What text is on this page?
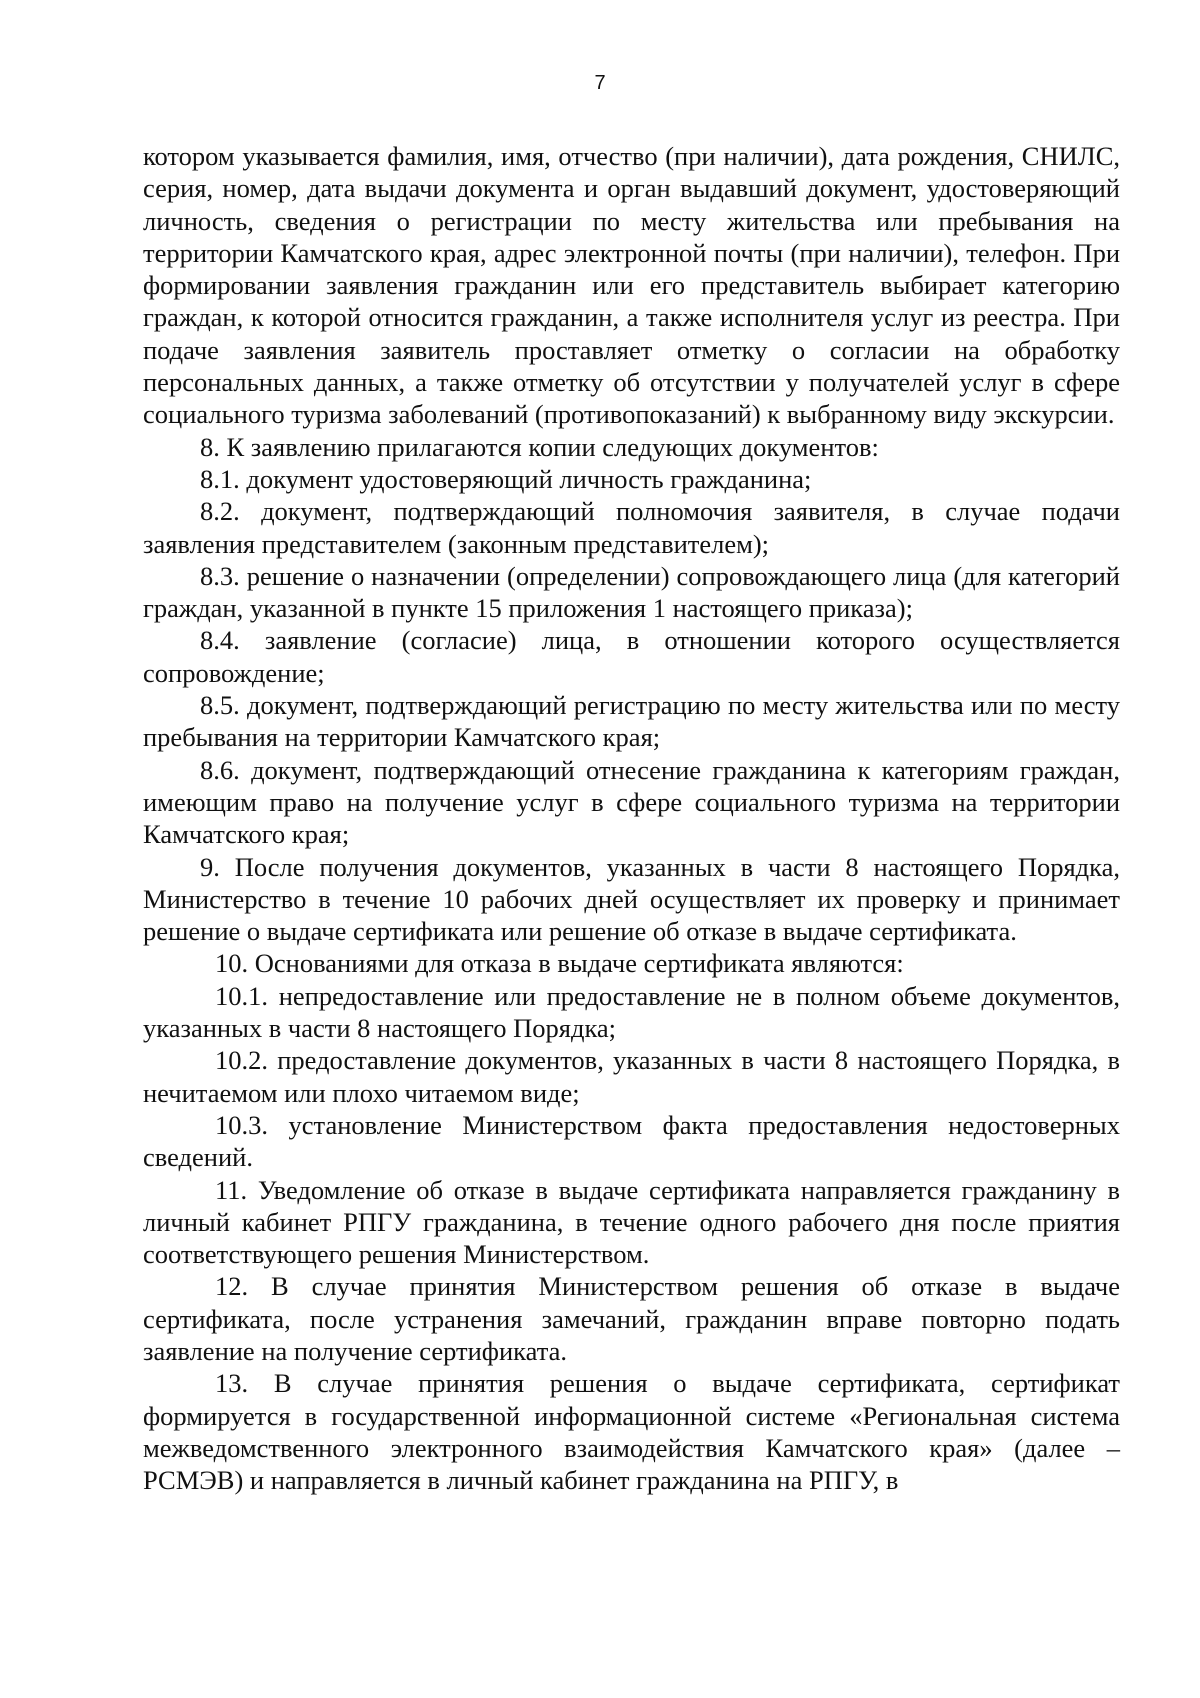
7

котором указывается фамилия, имя, отчество (при наличии), дата рождения, СНИЛС, серия, номер, дата выдачи документа и орган выдавший документ, удостоверяющий личность, сведения о регистрации по месту жительства или пребывания на территории Камчатского края, адрес электронной почты (при наличии), телефон. При формировании заявления гражданин или его представитель выбирает категорию граждан, к которой относится гражданин, а также исполнителя услуг из реестра. При подаче заявления заявитель проставляет отметку о согласии на обработку персональных данных, а также отметку об отсутствии у получателей услуг в сфере социального туризма заболеваний (противопоказаний) к выбранному виду экскурсии.

8. К заявлению прилагаются копии следующих документов:

8.1. документ удостоверяющий личность гражданина;

8.2. документ, подтверждающий полномочия заявителя, в случае подачи заявления представителем (законным представителем);

8.3. решение о назначении (определении) сопровождающего лица (для категорий граждан, указанной в пункте 15 приложения 1 настоящего приказа);

8.4. заявление (согласие) лица, в отношении которого осуществляется сопровождение;

8.5. документ, подтверждающий регистрацию по месту жительства или по месту пребывания на территории Камчатского края;

8.6. документ, подтверждающий отнесение гражданина к категориям граждан, имеющим право на получение услуг в сфере социального туризма на территории Камчатского края;

9. После получения документов, указанных в части 8 настоящего Порядка, Министерство в течение 10 рабочих дней осуществляет их проверку и принимает решение о выдаче сертификата или решение об отказе в выдаче сертификата.

10. Основаниями для отказа в выдаче сертификата являются:

10.1. непредоставление или предоставление не в полном объеме документов, указанных в части 8 настоящего Порядка;

10.2. предоставление документов, указанных в части 8 настоящего Порядка, в нечитаемом или плохо читаемом виде;

10.3. установление Министерством факта предоставления недостоверных сведений.

11. Уведомление об отказе в выдаче сертификата направляется гражданину в личный кабинет РПГУ гражданина, в течение одного рабочего дня после приятия соответствующего решения Министерством.

12. В случае принятия Министерством решения об отказе в выдаче сертификата, после устранения замечаний, гражданин вправе повторно подать заявление на получение сертификата.

13. В случае принятия решения о выдаче сертификата, сертификат формируется в государственной информационной системе «Региональная система межведомственного электронного взаимодействия Камчатского края» (далее – РСМЭВ) и направляется в личный кабинет гражданина на РПГУ, в
